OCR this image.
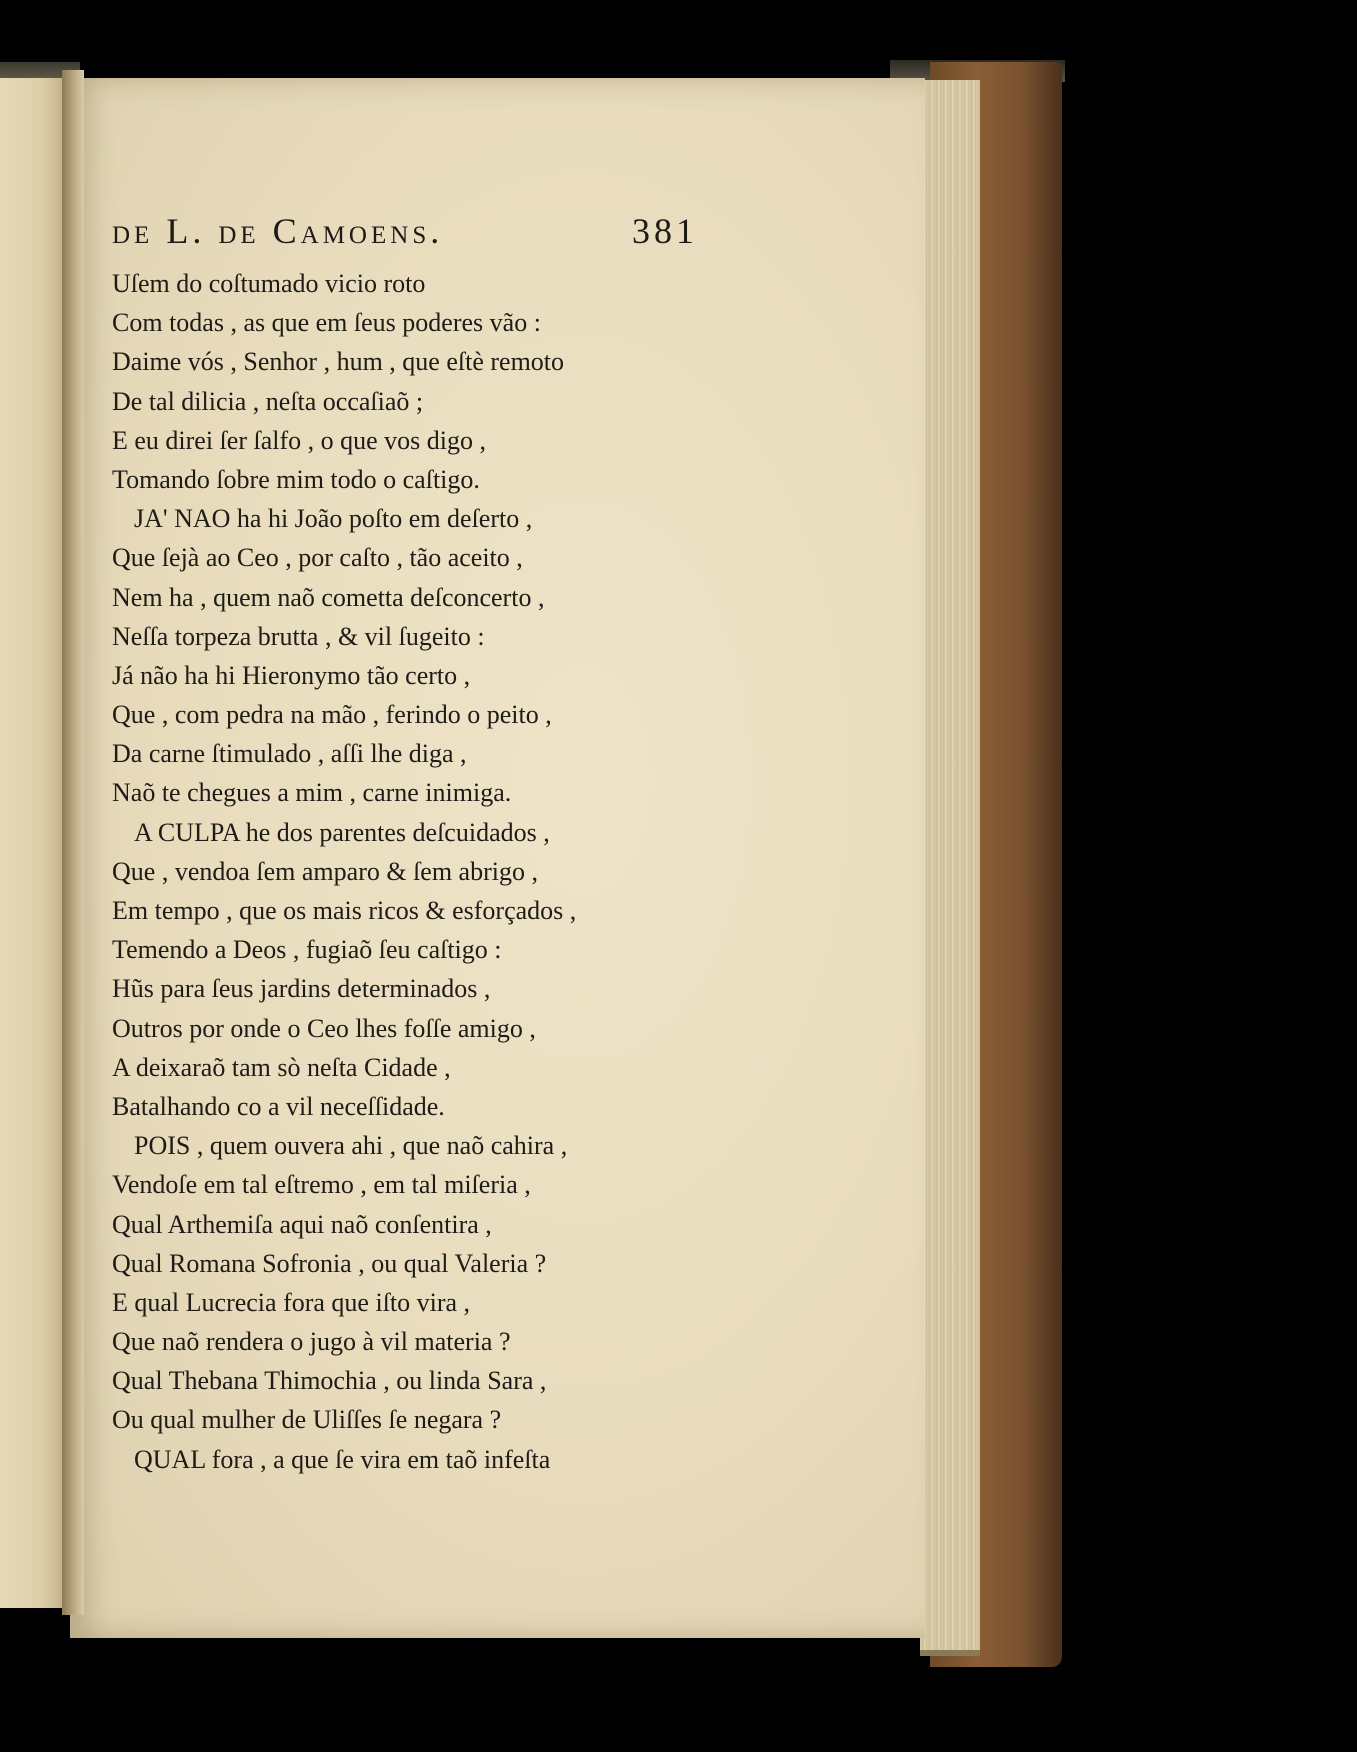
de L. de Camoens.	381
Uſem do coſtumado vicio roto
Com todas , as que em ſeus poderes vão :
Daime vós , Senhor , hum , que eſtè remoto
De tal dilicia , neſta occaſiaõ ;
E eu direi ſer ſalfo , o que vos digo ,
Tomando ſobre mim todo o caſtigo.
JA' NAO ha hi João poſto em deſerto ,
Que ſejà ao Ceo , por caſto , tão aceito ,
Nem ha , quem naõ cometta deſconcerto ,
Neſſa torpeza brutta , & vil ſugeito :
Já não ha hi Hieronymo tão certo ,
Que , com pedra na mão , ferindo o peito ,
Da carne ſtimulado , aſſi lhe diga ,
Naõ te chegues a mim , carne inimiga.
A CULPA he dos parentes deſcuidados ,
Que , vendoa ſem amparo & ſem abrigo ,
Em tempo , que os mais ricos & esforçados ,
Temendo a Deos , fugiaõ ſeu caſtigo :
Hũs para ſeus jardins determinados ,
Outros por onde o Ceo lhes foſſe amigo ,
A deixaraõ tam sò neſta Cidade ,
Batalhando co a vil neceſſidade.
POIS , quem ouvera ahi , que naõ cahira ,
Vendoſe em tal eſtremo , em tal miſeria ,
Qual Arthemiſa aqui naõ conſentira ,
Qual Romana Sofronia , ou qual Valeria ?
E qual Lucrecia fora que iſto vira ,
Que naõ rendera o jugo à vil materia ?
Qual Thebana Thimochia , ou linda Sara ,
Ou qual mulher de Uliſſes ſe negara ?
QUAL fora , a que ſe vira em taõ infeſta
